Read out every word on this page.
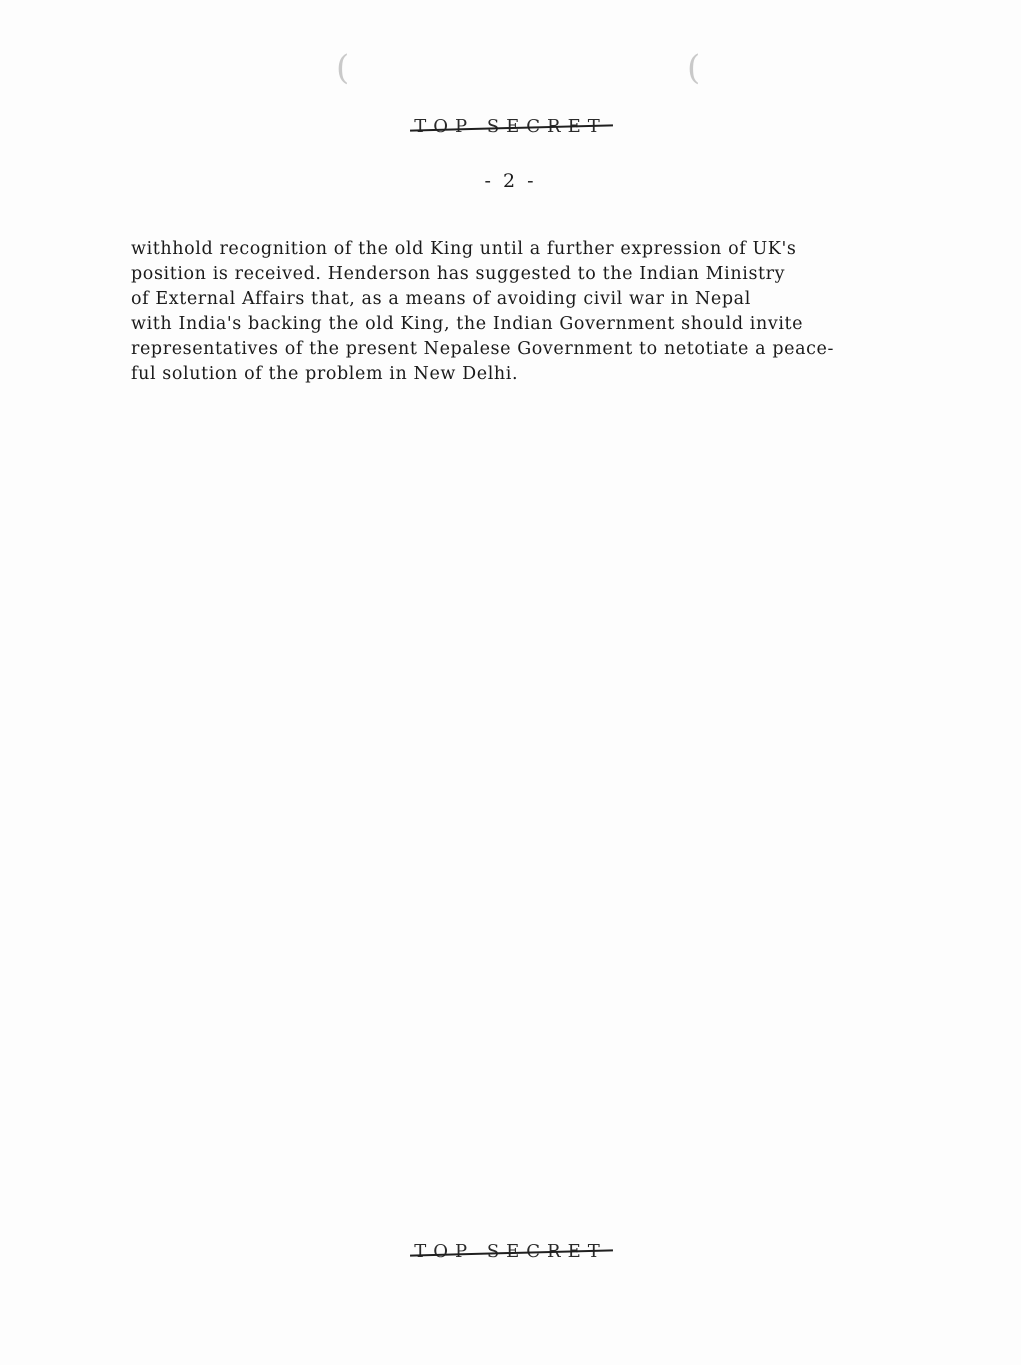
(	(
TOP SECRET
- 2 -
withhold recognition of the old King until a further expression of UK's
position is received. Henderson has suggested to the Indian Ministry
of External Affairs that, as a means of avoiding civil war in Nepal
with India's backing the old King, the Indian Government should invite
representatives of the present Nepalese Government to netotiate a peace-
ful solution of the problem in New Delhi.
TOP SECRET
